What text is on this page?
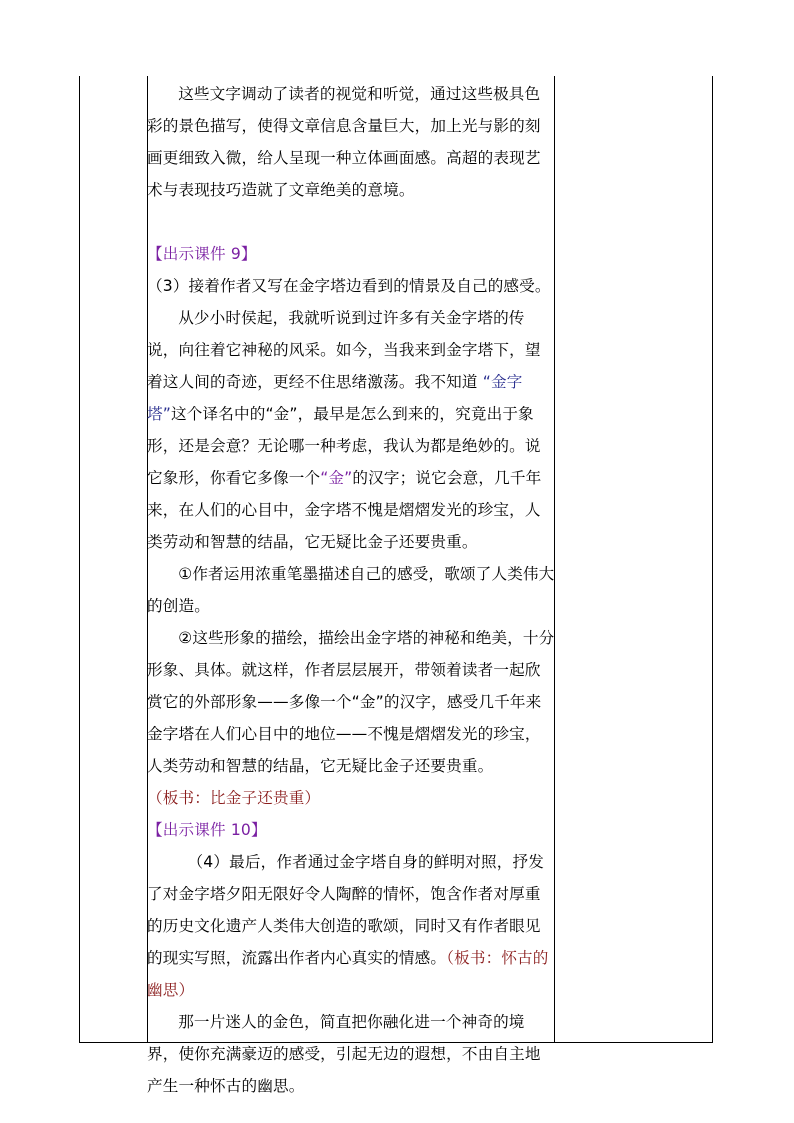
这些文字调动了读者的视觉和听觉，通过这些极具色彩的景色描写，使得文章信息含量巨大，加上光与影的刻画更细致入微，给人呈现一种立体画面感。高超的表现艺术与表现技巧造就了文章绝美的意境。

【出示课件 9】

（3）接着作者又写在金字塔边看到的情景及自己的感受。

从少小时侯起，我就听说到过许多有关金字塔的传说，向往着它神秘的风采。如今，当我来到金字塔下，望着这人间的奇迹，更经不住思绪激荡。我不知道 “金字塔”这个译名中的“金”，最早是怎么到来的，究竟出于象形，还是会意？无论哪一种考虑，我认为都是绝妙的。说它象形，你看它多像一个“金”的汉字；说它会意，几千年来，在人们的心目中，金字塔不愧是熠熠发光的珍宝，人类劳动和智慧的结晶，它无疑比金子还要贵重。

①作者运用浓重笔墨描述自己的感受，歌颂了人类伟大的创造。

②这些形象的描绘，描绘出金字塔的神秘和绝美，十分形象、具体。就这样，作者层层展开，带领着读者一起欣赏它的外部形象——多像一个“金”的汉字，感受几千年来金字塔在人们心目中的地位——不愧是熠熠发光的珍宝，人类劳动和智慧的结晶，它无疑比金子还要贵重。

（板书：比金子还贵重）

【出示课件 10】

（4）最后，作者通过金字塔自身的鲜明对照，抒发了对金字塔夕阳无限好令人陶醉的情怀，饱含作者对厚重的历史文化遗产人类伟大创造的歌颂，同时又有作者眼见的现实写照，流露出作者内心真实的情感。（板书：怀古的幽思）

那一片迷人的金色，简直把你融化进一个神奇的境界，使你充满豪迈的感受，引起无边的遐想，不由自主地产生一种怀古的幽思。
